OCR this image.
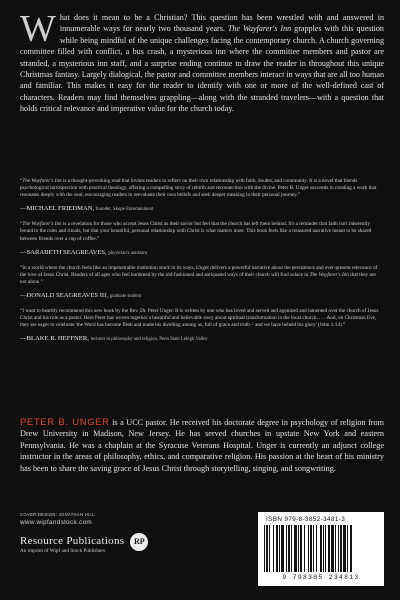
What does it mean to be a Christian? This question has been wrestled with and answered in innumerable ways for nearly two thousand years. The Wayfarer's Inn grapples with this question while being mindful of the unique challenges facing the contemporary church. A church governing committee filled with conflict, a bus crash, a mysterious inn where the committee members and pastor are stranded, a mysterious inn staff, and a surprise ending continue to draw the reader in throughout this unique Christmas fantasy. Largely dialogical, the pastor and committee members interact in ways that are all too human and familiar. This makes it easy for the reader to identify with one or more of the well-defined cast of characters. Readers may find themselves grappling—along with the stranded travelers—with a question that holds critical relevance and imperative value for the church today.
“The Wayfarer's Inn is a thought-provoking read that invites readers to reflect on their own relationship with faith, doubts, and community. It is a novel that blends psychological introspection with practical theology, offering a compelling story of rebirth and reconnection with the divine. Peter B. Unger succeeds in creating a work that resonates deeply with the soul, encouraging readers to reevaluate their own beliefs and seek deeper meaning in their personal journey.”
—MICHAEL FRIEDMAN, founder, Skope Entertainment
“The Wayfarer's Inn is a revelation for those who accept Jesus Christ as their savior but feel that the church has left them behind. It's a reminder that faith isn't inherently bound to the rules and rituals, but that your beautiful, personal relationship with Christ is what matters most. This book feels like a treasured narrative meant to be shared between friends over a cup of coffee.”
—SARABETH SEAGREAVES, physician's assistant
“In a world where the church feels like an impenetrable institution stuck in its ways, Unger delivers a powerful narrative about the persistence and ever-present relevance of the love of Jesus Christ. Readers of all ages who feel burdened by the old-fashioned and antiquated ways of their church will find solace in The Wayfarer's Inn that they are not alone.”
—DONALD SEAGREAVES III, graduate student
“I want to heartily recommend this new book by the Rev. Dr. Peter Unger. It is written by one who has loved and served and agonized and lamented over the church of Jesus Christ and his role as a pastor. Here Peter has woven together a beautiful and believable story about spiritual transformation in the local church. . . . And, on Christmas Eve, they are eager to celebrate 'the Word has become flesh and made his dwelling among us, full of grace and truth – and we have beheld his glory' (John 1:14).”
—BLAKE R. HEFFNER, lecturer in philosophy and religion, Penn State Lehigh Valley
PETER B. UNGER is a UCC pastor. He received his doctorate degree in psychology of religion from Drew University in Madison, New Jersey. He has served churches in upstate New York and eastern Pennsylvania. He was a chaplain at the Syracuse Veterans Hospital. Unger is currently an adjunct college instructor in the areas of philosophy, ethics, and comparative religion. His passion at the heart of his ministry has been to share the saving grace of Jesus Christ through storytelling, singing, and songwriting.
COVER DESIGN: JONATHAN HILL
www.wipfandstock.com
Resource Publications
An imprint of Wipf and Stock Publishers
RP
ISBN 979-8-3852-3481-3
9 798385 234813
